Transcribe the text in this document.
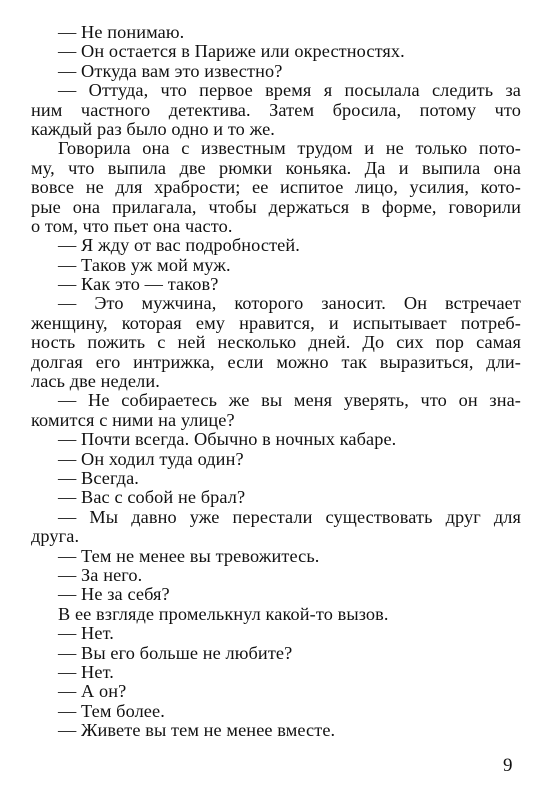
— Не понимаю.
— Он остается в Париже или окрестностях.
— Откуда вам это известно?
— Оттуда, что первое время я посылала следить за
ним частного детектива. Затем бросила, потому что
каждый раз было одно и то же.
Говорила она с известным трудом и не только пото-
му, что выпила две рюмки коньяка. Да и выпила она
вовсе не для храбрости; ее испитое лицо, усилия, кото-
рые она прилагала, чтобы держаться в форме, говорили
о том, что пьет она часто.
— Я жду от вас подробностей.
— Таков уж мой муж.
— Как это — таков?
— Это мужчина, которого заносит. Он встречает
женщину, которая ему нравится, и испытывает потреб-
ность пожить с ней несколько дней. До сих пор самая
долгая его интрижка, если можно так выразиться, дли-
лась две недели.
— Не собираетесь же вы меня уверять, что он зна-
комится с ними на улице?
— Почти всегда. Обычно в ночных кабаре.
— Он ходил туда один?
— Всегда.
— Вас с собой не брал?
— Мы давно уже перестали существовать друг для
друга.
— Тем не менее вы тревожитесь.
— За него.
— Не за себя?
В ее взгляде промелькнул какой-то вызов.
— Нет.
— Вы его больше не любите?
— Нет.
— А он?
— Тем более.
— Живете вы тем не менее вместе.
9
